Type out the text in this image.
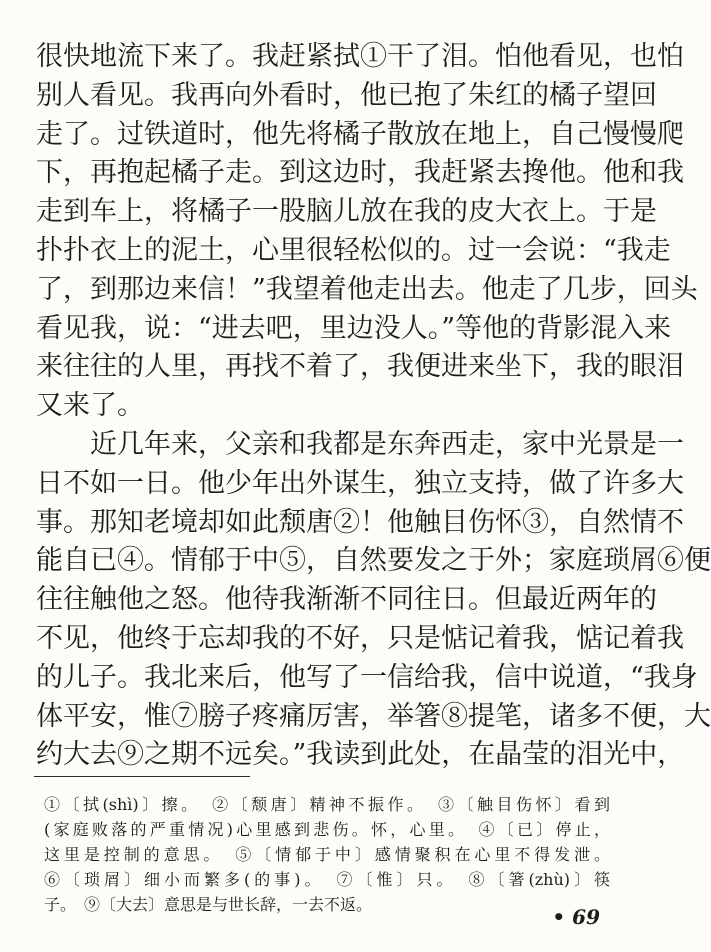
很快地流下来了。我赶紧拭①干了泪。怕他看见，也怕
别人看见。我再向外看时，他已抱了朱红的橘子望回
走了。过铁道时，他先将橘子散放在地上，自己慢慢爬
下，再抱起橘子走。到这边时，我赶紧去搀他。他和我
走到车上，将橘子一股脑儿放在我的皮大衣上。于是
扑扑衣上的泥土，心里很轻松似的。过一会说：“我走
了，到那边来信！”我望着他走出去。他走了几步，回头
看见我，说：“进去吧，里边没人。”等他的背影混入来
来往往的人里，再找不着了，我便进来坐下，我的眼泪
又来了。
近几年来，父亲和我都是东奔西走，家中光景是一
日不如一日。他少年出外谋生，独立支持，做了许多大
事。那知老境却如此颓唐②！他触目伤怀③，自然情不
能自已④。情郁于中⑤，自然要发之于外；家庭琐屑⑥便
往往触他之怒。他待我渐渐不同往日。但最近两年的
不见，他终于忘却我的不好，只是惦记着我，惦记着我
的儿子。我北来后，他写了一信给我，信中说道，“我身
体平安，惟⑦膀子疼痛厉害，举箸⑧提笔，诸多不便，大
约大去⑨之期不远矣。”我读到此处，在晶莹的泪光中，
①〔拭(shì)〕擦。　②〔颓唐〕精神不振作。　③〔触目伤怀〕看到
(家庭败落的严重情况)心里感到悲伤。怀，心里。　④〔已〕停止，
这里是控制的意思。　⑤〔情郁于中〕感情聚积在心里不得发泄。
⑥〔琐屑〕细小而繁多(的事)。　⑦〔惟〕只。　⑧〔箸(zhù)〕筷
子。　⑨〔大去〕意思是与世长辞，一去不返。
• 69
